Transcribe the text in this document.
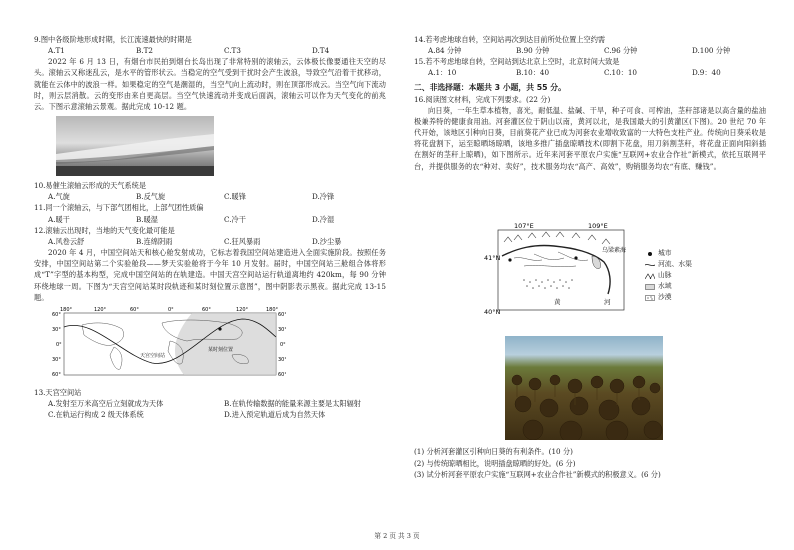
9.图中各级阶地形成时期，长江流速最快的时期是

A.T1	B.T2	C.T3	D.T4

2022 年 6 月 13 日，有烟台市民拍到烟台长岛出现了非常特别的滚轴云，云体极长像要通往天空的尽头。滚轴云又称迷乱云，是水平的管形状云。当稳定的空气受到干扰时会产生波浪，导致空气沿着干扰移动，就能在云体中的波浪一样。如果稳定的空气是潮湿的，当空气向上流动时，则在顶部形成云。当空气向下流动时，则云层消散。云的变形由来自更高层。当空气快速流动并变成后面涡，滚轴云可以作为天气变化的前兆云。下图示意滚轴云景观。据此完成 10-12 题。

10.易催生滚轴云形成的天气系统是

A.气旋	B.反气旋	C.暖锋	D.冷锋

11.同一个滚轴云，与下部气团相比，上部气团性质偏

A.暖干	B.暖湿	C.冷干	D.冷湿

12.滚轴云出现时，当地的天气变化最可能是

A.风卷云舒	B.连绵阴雨	C.狂风暴雨	D.沙尘暴

2020 年 4 月，中国空间站天和核心舱发射成功，它标志着我国空间站建造进入全面实施阶段。按照任务安排，中国空间站第二个实验舱段——梦天实验舱将于今年 10 月发射。届时，中国空间站三舱组合体将形成“T”字型的基本构型，完成中国空间站的在轨建造。中国天宫空间站运行轨道离地约 420km，每 90 分钟环绕地球一周。下图为“天宫空间站某时段轨迹和某时刻位置示意图”，图中阴影表示黑夜。据此完成 13-15 题。

天宫空间站
某时刻位置
60°
30°
0°
30°
60°
60°
30°
0°
30°
60°
180°	120°	60°	0°	60°	120°	180°

13.天宫空间站

A.发射至万米高空后立刻就成为天体	B.在轨传输数据的能量来源主要是太阳辐射
C.在轨运行构成 2 级天体系统	D.进入预定轨道后成为自然天体

14.若考虑地球自转，空间站再次到达目前所处位置上空约需

A.84 分钟	B.90 分钟	C.96 分钟	D.100 分钟

15.若不考虑地球自转，空间站到达北京上空时，北京时间大致是

A.1：10	B.10：40	C.10：10	D.9：40

二、非选择题：本题共 3 小题，共 55 分。

16.阅读图文材料，完成下列要求。(22 分)

向日葵，一年生草本植物，喜光，耐低温、盐碱、干旱，种子可食、可榨油，茎秆部诸是以高含量的盐油极兼养特的健康食用油。河套灌区位于阴山以南，黄河以北，是我国最大的引黄灌区(下图)。20 世纪 70 年代开始，该地区引种向日葵，目前葵花产业已成为河套农业增收致富的一大特色支柱产业。传统向日葵采收是将花盘割下，运至晾晒场晾晒，该地多推广插盘晾晒技术(即割下花盘，用刀斜割茎秆，将花盘正面向阳斜插在割好的茎秆上晾晒)，如下图所示。近年来河套平原农户实施“互联网+农业合作社”新模式，依托互联网平台，并提供服务的农“种对、卖好”，技术服务均农“高产、高效”，购销服务均农“有底、赚钱”。

107°E	109°E
41°N
40°N
乌梁素海
黄	河
城市
河流、水渠
山脉
水域
沙漠

(1) 分析河套灌区引种向日葵的有利条件。(10 分)

(2) 与传统晾晒相比，说明插盘晾晒的好处。(6 分)

(3) 试分析河套平原农户实施“互联网+农业合作社”新模式的积极意义。(6 分)

第 2 页 共 3 页
